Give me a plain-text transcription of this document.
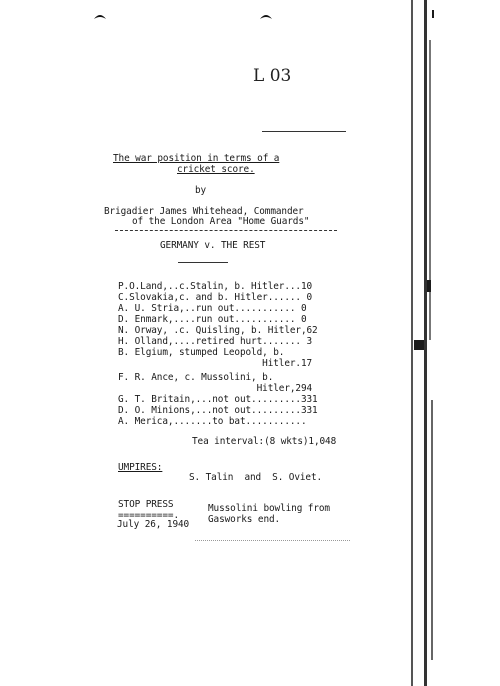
L 03
The war position in terms of a
cricket score.
by
Brigadier James Whitehead, Commander
of the London Area "Home Guards"
GERMANY v. THE REST
P.O.Land,..c.Stalin, b. Hitler...10
C.Slovakia,c. and b. Hitler...... 0
A. U. Stria,..run out........... 0
D. Enmark,....run out........... 0
N. Orway, .c. Quisling, b. Hitler,62
H. Olland,....retired hurt....... 3
B. Elgium, stumped Leopold, b.
Hitler.17
F. R. Ance, c. Mussolini, b.
Hitler,294
G. T. Britain,...not out.........331
D. O. Minions,...not out.........331
A. Merica,.......to bat...........
Tea interval:(8 wkts)1,048
UMPIRES:
S. Talin  and  S. Oviet.
STOP PRESS
==========.
Mussolini bowling from
Gasworks end.
July 26, 1940
